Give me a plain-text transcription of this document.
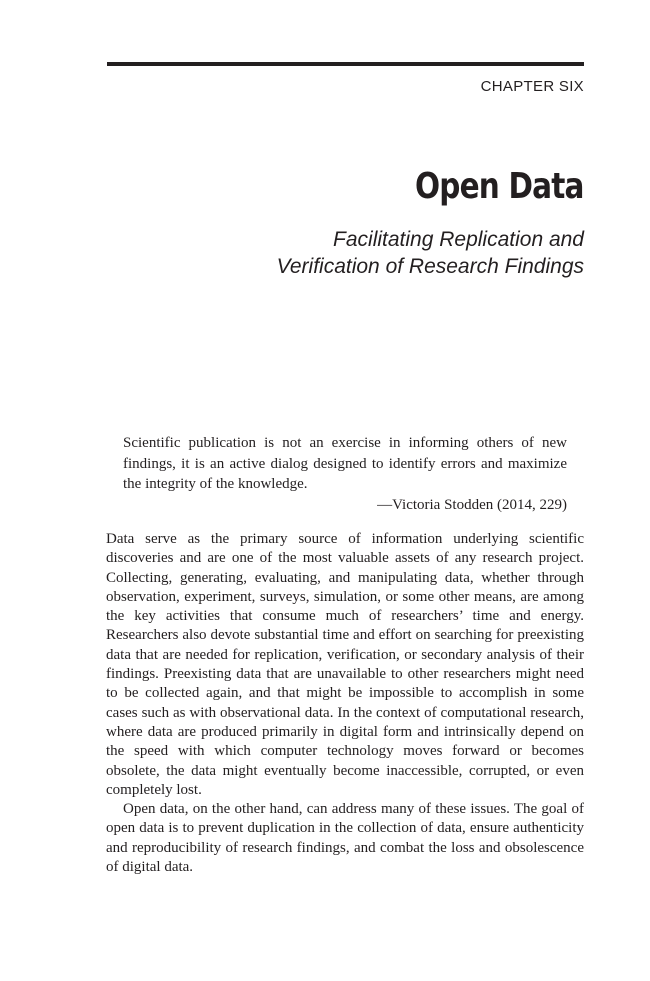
CHAPTER SIX
Open Data
Facilitating Replication and
Verification of Research Findings

Scientific publication is not an exercise in informing others of new findings, it is an active dialog designed to identify errors and maximize the integrity of the knowledge.

—Victoria Stodden (2014, 229)

Data serve as the primary source of information underlying scientific discoveries and are one of the most valuable assets of any research project. Collecting, generating, evaluating, and manipulating data, whether through observation, experiment, surveys, simulation, or some other means, are among the key activities that consume much of researchers’ time and energy. Researchers also devote substantial time and effort on searching for preexisting data that are needed for replication, verification, or secondary analysis of their findings. Preexisting data that are unavailable to other researchers might need to be collected again, and that might be impossible to accomplish in some cases such as with observational data. In the context of computational research, where data are produced primarily in digital form and intrinsically depend on the speed with which computer technology moves forward or becomes obsolete, the data might eventually become inaccessible, corrupted, or even completely lost.

Open data, on the other hand, can address many of these issues. The goal of open data is to prevent duplication in the collection of data, ensure authenticity and reproducibility of research findings, and combat the loss and obsolescence of digital data.
